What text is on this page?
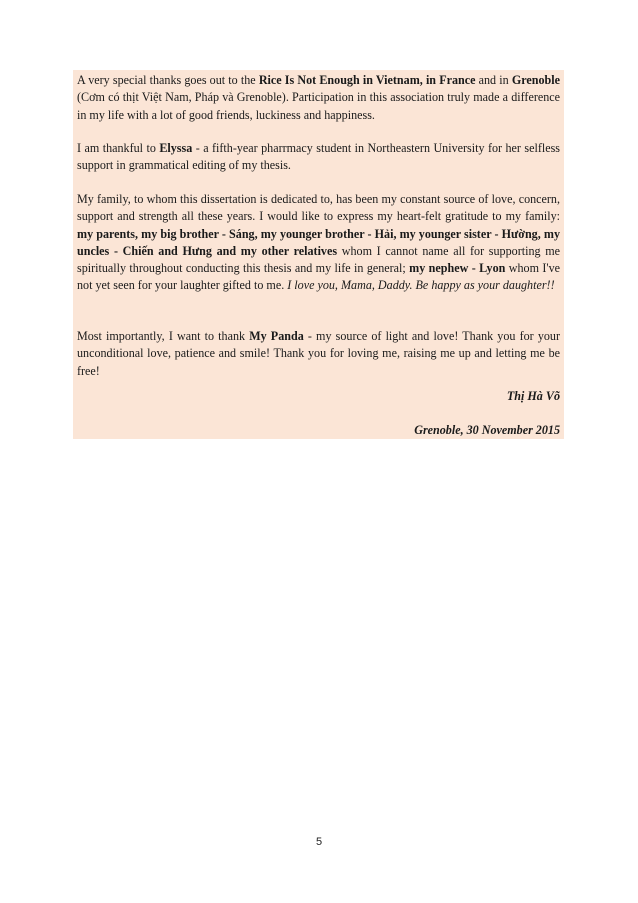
A very special thanks goes out to the Rice Is Not Enough in Vietnam, in France and in Grenoble (Cơm có thịt Việt Nam, Pháp và Grenoble). Participation in this association truly made a difference in my life with a lot of good friends, luckiness and happiness.

I am thankful to Elyssa - a fifth-year pharrmacy student in Northeastern University for her selfless support in grammatical editing of my thesis.

My family, to whom this dissertation is dedicated to, has been my constant source of love, concern, support and strength all these years. I would like to express my heart-felt gratitude to my family: my parents, my big brother - Sáng, my younger brother - Hải, my younger sister - Hường, my uncles - Chiến and Hưng and my other relatives whom I cannot name all for supporting me spiritually throughout conducting this thesis and my life in general; my nephew - Lyon whom I've not yet seen for your laughter gifted to me. I love you, Mama, Daddy. Be happy as your daughter!!

Most importantly, I want to thank My Panda - my source of light and love! Thank you for your unconditional love, patience and smile! Thank you for loving me, raising me up and letting me be free!

Thị Hà Võ

Grenoble, 30 November 2015

5
